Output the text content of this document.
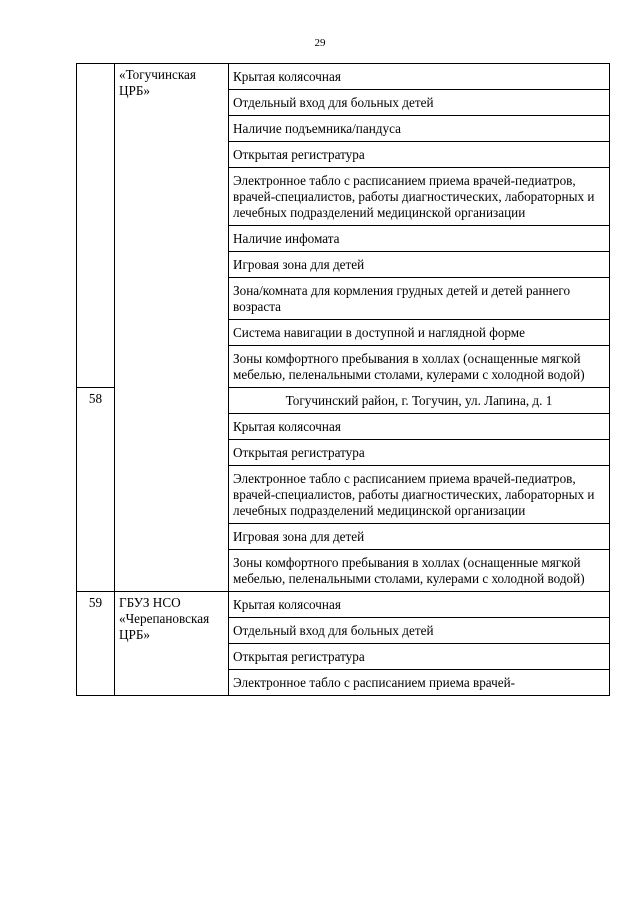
29

	«Тогучинская ЦРБ»	Крытая колясочная

		Отдельный вход для больных детей

		Наличие подъемника/пандуса

		Открытая регистратура

		Электронное табло с расписанием приема врачей-педиатров, врачей-специалистов, работы диагностических, лабораторных и лечебных подразделений медицинской организации

		Наличие инфомата

		Игровая зона для детей

		Зона/комната для кормления грудных детей и детей раннего возраста

		Система навигации в доступной и наглядной форме

		Зоны комфортного пребывания в холлах (оснащенные мягкой мебелью, пеленальными столами, кулерами с холодной водой)

58		Тогучинский район, г. Тогучин, ул. Лапина, д. 1

		Крытая колясочная

		Открытая регистратура

		Электронное табло с расписанием приема врачей-педиатров, врачей-специалистов, работы диагностических, лабораторных и лечебных подразделений медицинской организации

		Игровая зона для детей

		Зоны комфортного пребывания в холлах (оснащенные мягкой мебелью, пеленальными столами, кулерами с холодной водой)

59	ГБУЗ НСО «Черепановская ЦРБ»	Крытая колясочная

		Отдельный вход для больных детей

		Открытая регистратура

		Электронное табло с расписанием приема врачей-
